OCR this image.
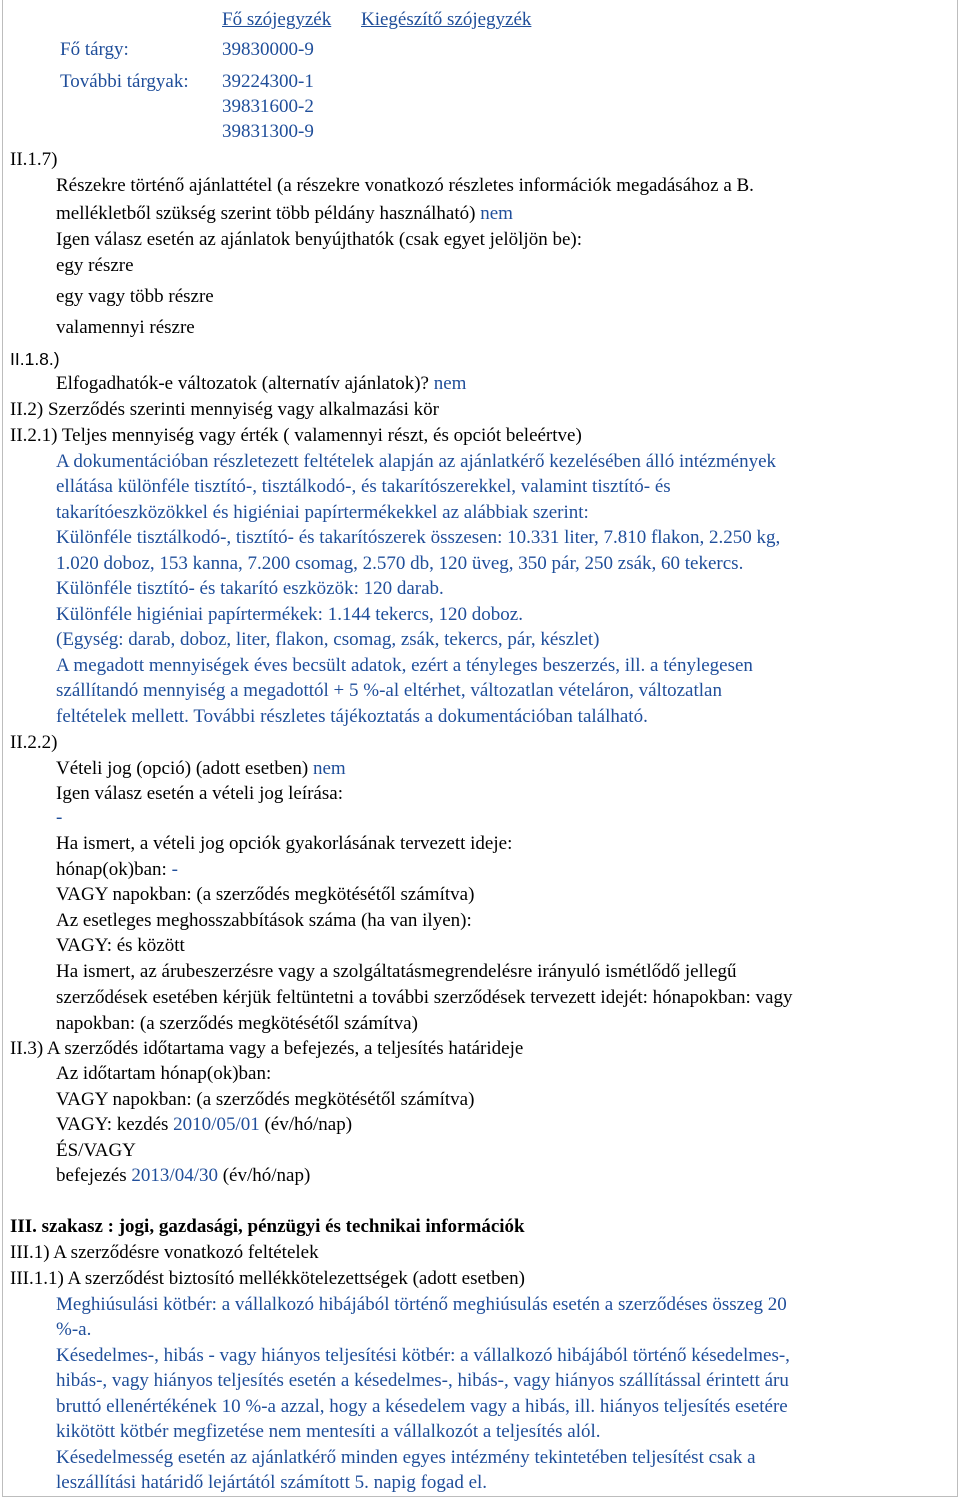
Fő szójegyzék Kiegészítő szójegyzék
Fő tárgy:	39830000-9
További tárgyak: 39224300-1
39831600-2
39831300-9
II.1.7)
Részekre történő ajánlattétel (a részekre vonatkozó részletes információk megadásához a B.
mellékletből szükség szerint több példány használható) nem
Igen válasz esetén az ajánlatok benyújthatók (csak egyet jelöljön be):
egy részre
egy vagy több részre
valamennyi részre
II.1.8.)
Elfogadhatók-e változatok (alternatív ajánlatok)? nem
II.2) Szerződés szerinti mennyiség vagy alkalmazási kör
II.2.1) Teljes mennyiség vagy érték ( valamennyi részt, és opciót beleértve)
A dokumentációban részletezett feltételek alapján az ajánlatkérő kezelésében álló intézmények
ellátása különféle tisztító-, tisztálkodó-, és takarítószerekkel, valamint tisztító- és
takarítóeszközökkel és higiéniai papírtermékekkel az alábbiak szerint:
Különféle tisztálkodó-, tisztító- és takarítószerek összesen: 10.331 liter, 7.810 flakon, 2.250 kg,
1.020 doboz, 153 kanna, 7.200 csomag, 2.570 db, 120 üveg, 350 pár, 250 zsák, 60 tekercs.
Különféle tisztító- és takarító eszközök: 120 darab.
Különféle higiéniai papírtermékek: 1.144 tekercs, 120 doboz.
(Egység: darab, doboz, liter, flakon, csomag, zsák, tekercs, pár, készlet)
A megadott mennyiségek éves becsült adatok, ezért a tényleges beszerzés, ill. a ténylegesen
szállítandó mennyiség a megadottól + 5 %-al eltérhet, változatlan vételáron, változatlan
feltételek mellett. További részletes tájékoztatás a dokumentációban található.
II.2.2)
Vételi jog (opció) (adott esetben) nem
Igen válasz esetén a vételi jog leírása:
-
Ha ismert, a vételi jog opciók gyakorlásának tervezett ideje:
hónap(ok)ban: -
VAGY napokban: (a szerződés megkötésétől számítva)
Az esetleges meghosszabbítások száma (ha van ilyen):
VAGY: és között
Ha ismert, az árubeszerzésre vagy a szolgáltatásmegrendelésre irányuló ismétlődő jellegű
szerződések esetében kérjük feltüntetni a további szerződések tervezett idejét: hónapokban: vagy
napokban: (a szerződés megkötésétől számítva)
II.3) A szerződés időtartama vagy a befejezés, a teljesítés határideje
Az időtartam hónap(ok)ban:
VAGY napokban: (a szerződés megkötésétől számítva)
VAGY: kezdés 2010/05/01 (év/hó/nap)
ÉS/VAGY
befejezés 2013/04/30 (év/hó/nap)
III. szakasz : jogi, gazdasági, pénzügyi és technikai információk
III.1) A szerződésre vonatkozó feltételek
III.1.1) A szerződést biztosító mellékkötelezettségek (adott esetben)
Meghiúsulási kötbér: a vállalkozó hibájából történő meghiúsulás esetén a szerződéses összeg 20
%-a.
Késedelmes-, hibás - vagy hiányos teljesítési kötbér: a vállalkozó hibájából történő késedelmes-,
hibás-, vagy hiányos teljesítés esetén a késedelmes-, hibás-, vagy hiányos szállítással érintett áru
bruttó ellenértékének 10 %-a azzal, hogy a késedelem vagy a hibás, ill. hiányos teljesítés esetére
kikötött kötbér megfizetése nem mentesíti a vállalkozót a teljesítés alól.
Késedelmesség esetén az ajánlatkérő minden egyes intézmény tekintetében teljesítést csak a
leszállítási határidő lejártától számított 5. napig fogad el.
